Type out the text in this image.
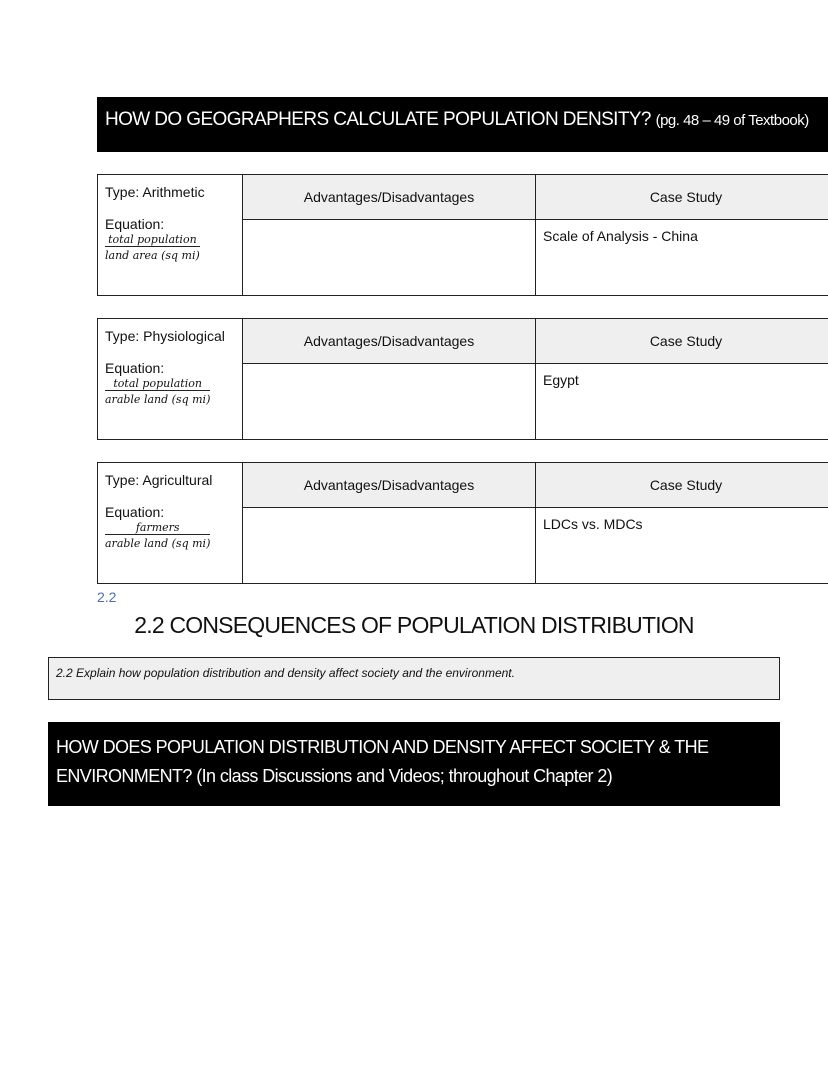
HOW DO GEOGRAPHERS CALCULATE POPULATION DENSITY? (pg. 48 – 49 of Textbook)
Type: Arithmetic
Equation:
$\frac{\text{total population}}{\text{land area (sq mi)}}$	Advantages/Disadvantages	Case Study
		Scale of Analysis - China
Type: Physiological
Equation:
$\frac{\text{total population}}{\text{arable land (sq mi)}}$	Advantages/Disadvantages	Case Study
		Egypt
Type: Agricultural
Equation:
$\frac{\text{farmers}}{\text{arable land (sq mi)}}$	Advantages/Disadvantages	Case Study
		LDCs vs. MDCs
2.2
2.2 CONSEQUENCES OF POPULATION DISTRIBUTION
2.2 Explain how population distribution and density affect society and the environment.
HOW DOES POPULATION DISTRIBUTION AND DENSITY AFFECT SOCIETY & THE ENVIRONMENT? (In class Discussions and Videos; throughout Chapter 2)
